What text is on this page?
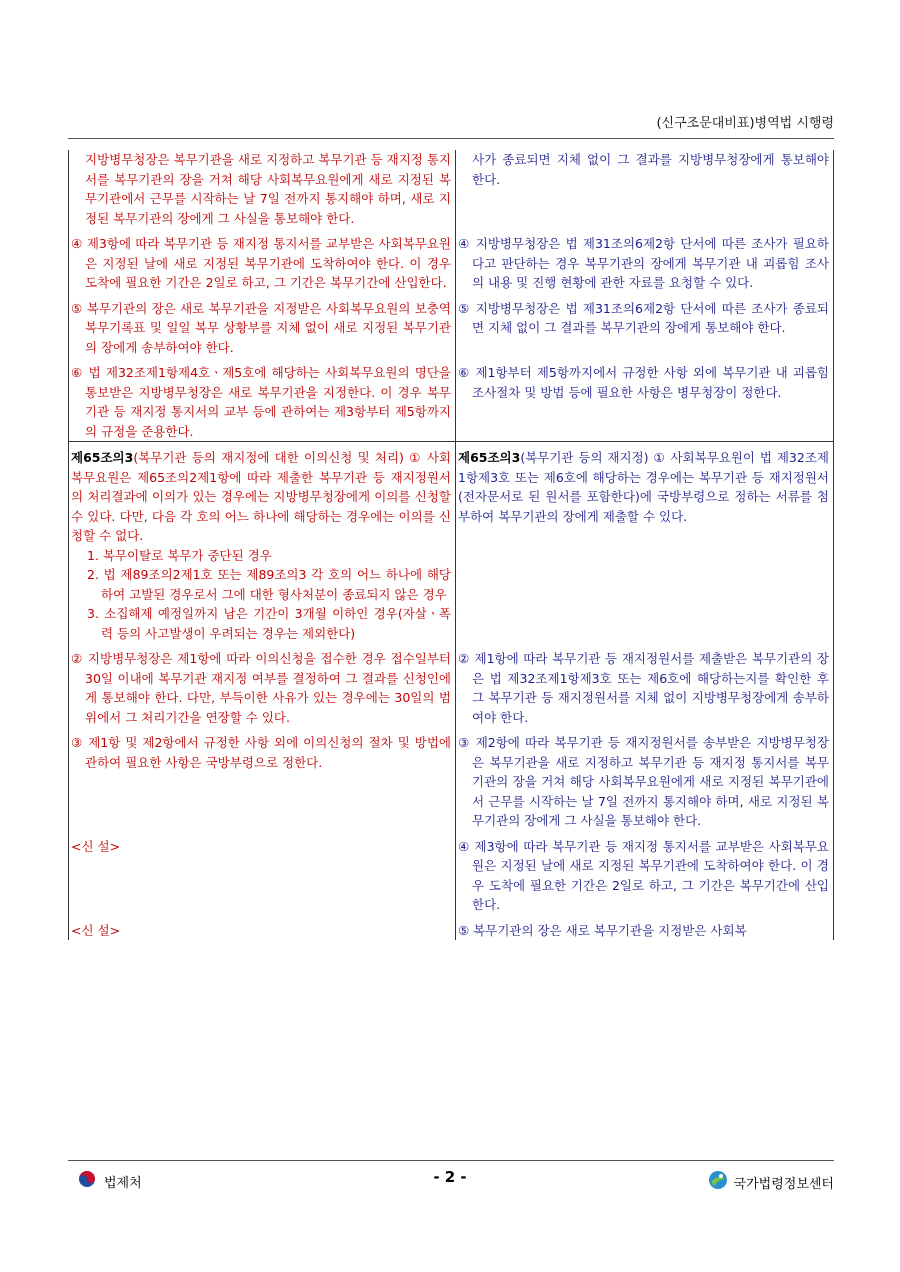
(신구조문대비표)병역법 시행령

지방병무청장은 복무기관을 새로 지정하고 복무기관 등 재지정 통지서를 복무기관의 장을 거쳐 해당 사회복무요원에게 새로 지정된 복무기관에서 근무를 시작하는 날 7일 전까지 통지해야 하며, 새로 지정된 복무기관의 장에게 그 사실을 통보해야 한다.	사가 종료되면 지체 없이 그 결과를 지방병무청장에게 통보해야 한다.

④ 제3항에 따라 복무기관 등 재지정 통지서를 교부받은 사회복무요원은 지정된 날에 새로 지정된 복무기관에 도착하여야 한다. 이 경우 도착에 필요한 기간은 2일로 하고, 그 기간은 복무기간에 산입한다.	④ 지방병무청장은 법 제31조의6제2항 단서에 따른 조사가 필요하다고 판단하는 경우 복무기관의 장에게 복무기관 내 괴롭힘 조사의 내용 및 진행 현황에 관한 자료를 요청할 수 있다.

⑤ 복무기관의 장은 새로 복무기관을 지정받은 사회복무요원의 보충역 복무기록표 및 일일 복무 상황부를 지체 없이 새로 지정된 복무기관의 장에게 송부하여야 한다.	⑤ 지방병무청장은 법 제31조의6제2항 단서에 따른 조사가 종료되면 지체 없이 그 결과를 복무기관의 장에게 통보해야 한다.

⑥ 법 제32조제1항제4호ㆍ제5호에 해당하는 사회복무요원의 명단을 통보받은 지방병무청장은 새로 복무기관을 지정한다. 이 경우 복무기관 등 재지정 통지서의 교부 등에 관하여는 제3항부터 제5항까지의 규정을 준용한다.	⑥ 제1항부터 제5항까지에서 규정한 사항 외에 복무기관 내 괴롭힘 조사절차 및 방법 등에 필요한 사항은 병무청장이 정한다.

제65조의3(복무기관 등의 재지정에 대한 이의신청 및 처리) ① 사회복무요원은 제65조의2제1항에 따라 제출한 복무기관 등 재지정원서의 처리결과에 이의가 있는 경우에는 지방병무청장에게 이의를 신청할 수 있다. 다만, 다음 각 호의 어느 하나에 해당하는 경우에는 이의를 신청할 수 없다.

1. 복무이탈로 복무가 중단된 경우

2. 법 제89조의2제1호 또는 제89조의3 각 호의 어느 하나에 해당하여 고발된 경우로서 그에 대한 형사처분이 종료되지 않은 경우

3. 소집해제 예정일까지 남은 기간이 3개월 이하인 경우(자살ㆍ폭력 등의 사고발생이 우려되는 경우는 제외한다)	제65조의3(복무기관 등의 재지정) ① 사회복무요원이 법 제32조제1항제3호 또는 제6호에 해당하는 경우에는 복무기관 등 재지정원서(전자문서로 된 원서를 포함한다)에 국방부령으로 정하는 서류를 첨부하여 복무기관의 장에게 제출할 수 있다.

② 지방병무청장은 제1항에 따라 이의신청을 접수한 경우 접수일부터 30일 이내에 복무기관 재지정 여부를 결정하여 그 결과를 신청인에게 통보해야 한다. 다만, 부득이한 사유가 있는 경우에는 30일의 범위에서 그 처리기간을 연장할 수 있다.	② 제1항에 따라 복무기관 등 재지정원서를 제출받은 복무기관의 장은 법 제32조제1항제3호 또는 제6호에 해당하는지를 확인한 후 그 복무기관 등 재지정원서를 지체 없이 지방병무청장에게 송부하여야 한다.

③ 제1항 및 제2항에서 규정한 사항 외에 이의신청의 절차 및 방법에 관하여 필요한 사항은 국방부령으로 정한다.	③ 제2항에 따라 복무기관 등 재지정원서를 송부받은 지방병무청장은 복무기관을 새로 지정하고 복무기관 등 재지정 통지서를 복무기관의 장을 거쳐 해당 사회복무요원에게 새로 지정된 복무기관에서 근무를 시작하는 날 7일 전까지 통지해야 하며, 새로 지정된 복무기관의 장에게 그 사실을 통보해야 한다.

<신 설>	④ 제3항에 따라 복무기관 등 재지정 통지서를 교부받은 사회복무요원은 지정된 날에 새로 지정된 복무기관에 도착하여야 한다. 이 경우 도착에 필요한 기간은 2일로 하고, 그 기간은 복무기간에 산입한다.

<신 설>	⑤ 복무기관의 장은 새로 복무기관을 지정받은 사회복

법제처	- 2 -	국가법령정보센터
